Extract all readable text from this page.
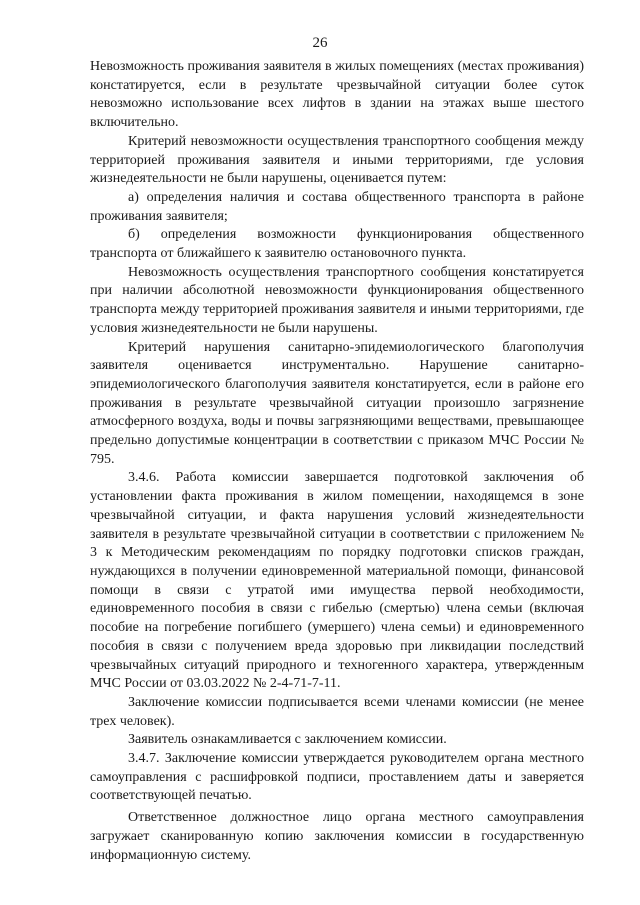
26

Невозможность проживания заявителя в жилых помещениях (местах проживания) констатируется, если в результате чрезвычайной ситуации более суток невозможно использование всех лифтов в здании на этажах выше шестого включительно.

Критерий невозможности осуществления транспортного сообщения между территорией проживания заявителя и иными территориями, где условия жизнедеятельности не были нарушены, оценивается путем:

а) определения наличия и состава общественного транспорта в районе проживания заявителя;

б) определения возможности функционирования общественного транспорта от ближайшего к заявителю остановочного пункта.

Невозможность осуществления транспортного сообщения констатируется при наличии абсолютной невозможности функционирования общественного транспорта между территорией проживания заявителя и иными территориями, где условия жизнедеятельности не были нарушены.

Критерий нарушения санитарно-эпидемиологического благополучия заявителя оценивается инструментально. Нарушение санитарно-эпидемиологического благополучия заявителя констатируется, если в районе его проживания в результате чрезвычайной ситуации произошло загрязнение атмосферного воздуха, воды и почвы загрязняющими веществами, превышающее предельно допустимые концентрации в соответствии с приказом МЧС России № 795.

3.4.6. Работа комиссии завершается подготовкой заключения об установлении факта проживания в жилом помещении, находящемся в зоне чрезвычайной ситуации, и факта нарушения условий жизнедеятельности заявителя в результате чрезвычайной ситуации в соответствии с приложением № 3 к Методическим рекомендациям по порядку подготовки списков граждан, нуждающихся в получении единовременной материальной помощи, финансовой помощи в связи с утратой ими имущества первой необходимости, единовременного пособия в связи с гибелью (смертью) члена семьи (включая пособие на погребение погибшего (умершего) члена семьи) и единовременного пособия в связи с получением вреда здоровью при ликвидации последствий чрезвычайных ситуаций природного и техногенного характера, утвержденным МЧС России от 03.03.2022 № 2-4-71-7-11.

Заключение комиссии подписывается всеми членами комиссии (не менее трех человек).

Заявитель ознакамливается с заключением комиссии.

3.4.7. Заключение комиссии утверждается руководителем органа местного самоуправления с расшифровкой подписи, проставлением даты и заверяется соответствующей печатью.

Ответственное должностное лицо органа местного самоуправления загружает сканированную копию заключения комиссии в государственную информационную систему.
